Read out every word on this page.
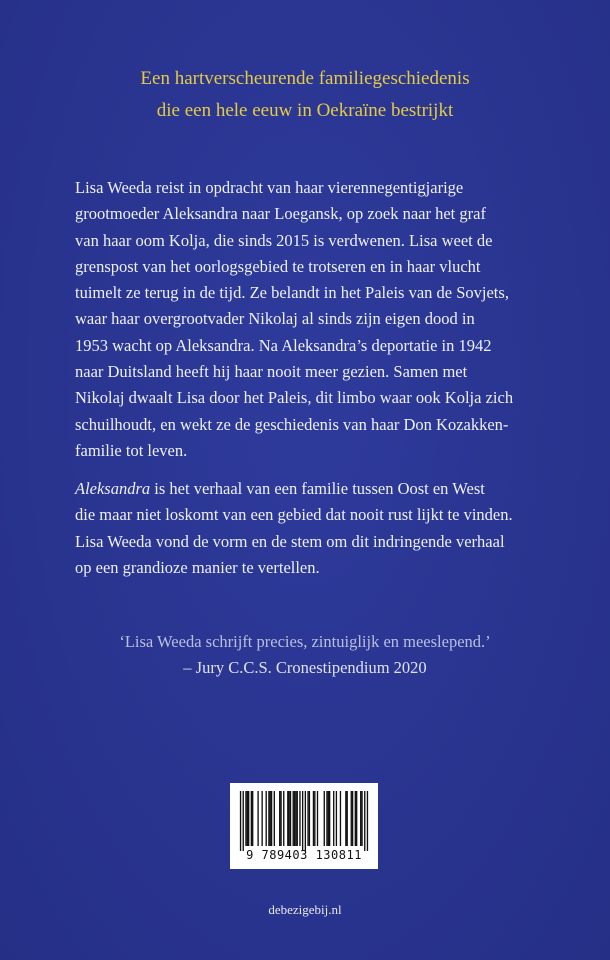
Een hartverscheurende familiegeschiedenis
die een hele eeuw in Oekraïne bestrijkt
Lisa Weeda reist in opdracht van haar vierennegentigjarige
grootmoeder Aleksandra naar Loegansk, op zoek naar het graf
van haar oom Kolja, die sinds 2015 is verdwenen. Lisa weet de
grenspost van het oorlogsgebied te trotseren en in haar vlucht
tuimelt ze terug in de tijd. Ze belandt in het Paleis van de Sovjets,
waar haar overgrootvader Nikolaj al sinds zijn eigen dood in
1953 wacht op Aleksandra. Na Aleksandra’s deportatie in 1942
naar Duitsland heeft hij haar nooit meer gezien. Samen met
Nikolaj dwaalt Lisa door het Paleis, dit limbo waar ook Kolja zich
schuilhoudt, en wekt ze de geschiedenis van haar Don Kozakken-
familie tot leven.
Aleksandra is het verhaal van een familie tussen Oost en West
die maar niet loskomt van een gebied dat nooit rust lijkt te vinden.
Lisa Weeda vond de vorm en de stem om dit indringende verhaal
op een grandioze manier te vertellen.
‘Lisa Weeda schrijft precies, zintuiglijk en meeslepend.’
– Jury C.C.S. Cronestipendium 2020
9 789403 130811
debezigebij.nl
